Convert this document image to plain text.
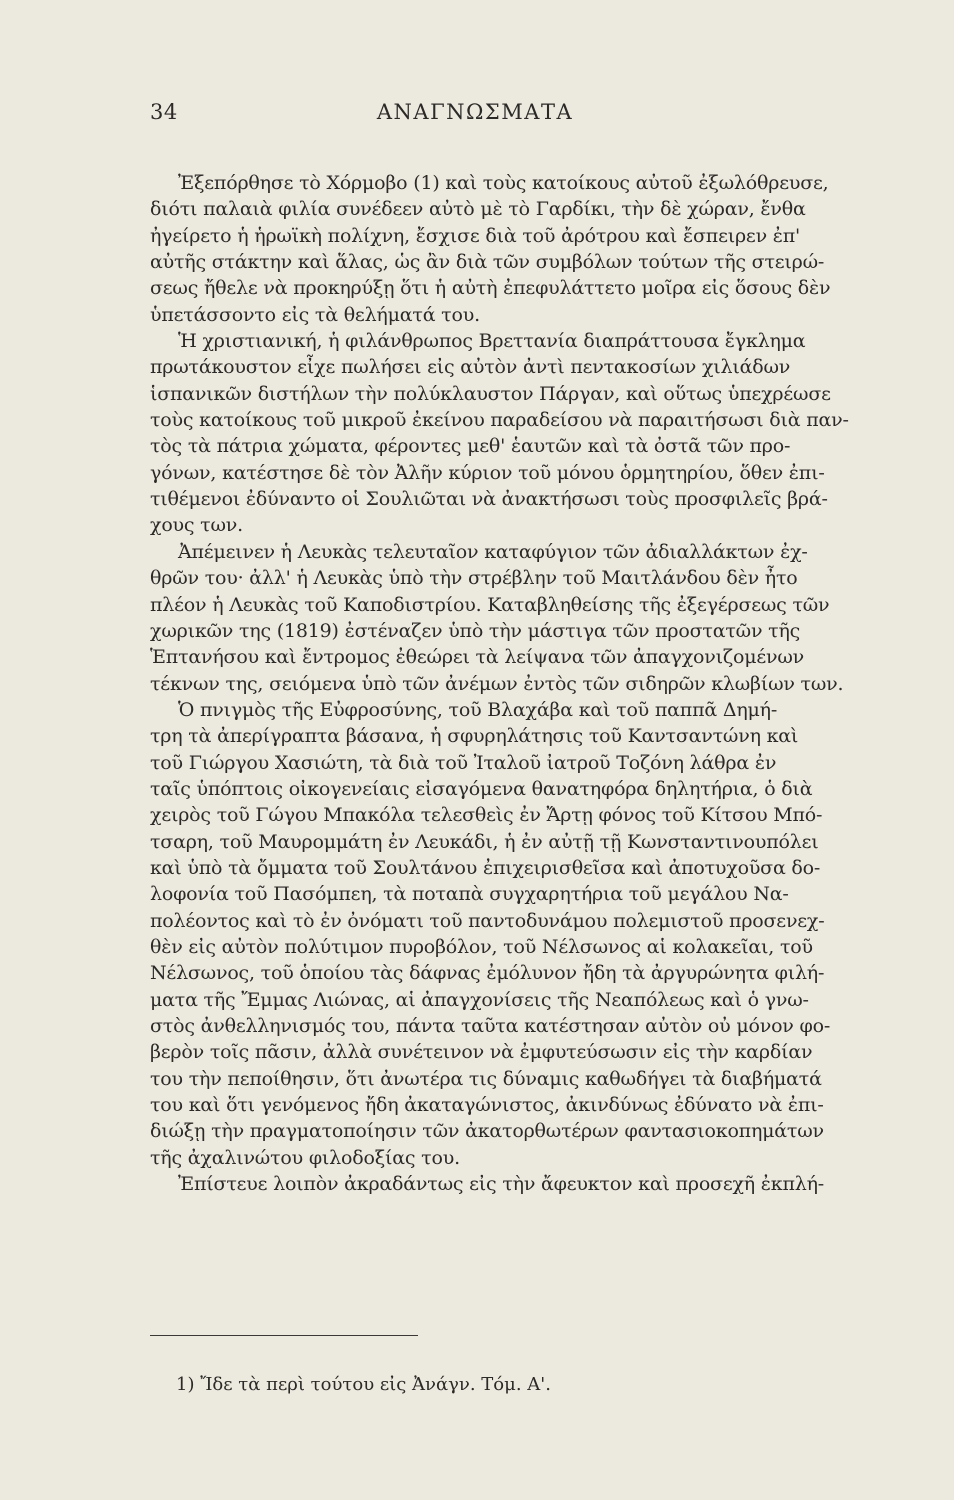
34	ΑΝΑΓΝΩΣΜΑΤΑ
Ἐξεπόρθησε τὸ Χόρμοβο (1) καὶ τοὺς κατοίκους αὐτοῦ ἐξωλόθρευσε,
διότι παλαιὰ φιλία συνέδεεν αὐτὸ μὲ τὸ Γαρδίκι, τὴν δὲ χώραν, ἔνθα
ἠγείρετο ἡ ἡρωϊκὴ πολίχνη, ἔσχισε διὰ τοῦ ἀρότρου καὶ ἔσπειρεν ἐπ'
αὐτῆς στάκτην καὶ ἅλας, ὡς ἂν διὰ τῶν συμβόλων τούτων τῆς στειρώ-
σεως ἤθελε νὰ προκηρύξῃ ὅτι ἡ αὐτὴ ἐπεφυλάττετο μοῖρα εἰς ὅσους δὲν
ὑπετάσσοντο εἰς τὰ θελήματά του.
Ἡ χριστιανική, ἡ φιλάνθρωπος Βρεττανία διαπράττουσα ἔγκλημα
πρωτάκουστον εἶχε πωλήσει εἰς αὐτὸν ἀντὶ πεντακοσίων χιλιάδων
ἱσπανικῶν διστήλων τὴν πολύκλαυστον Πάργαν, καὶ οὕτως ὑπεχρέωσε
τοὺς κατοίκους τοῦ μικροῦ ἐκείνου παραδείσου νὰ παραιτήσωσι διὰ παν-
τὸς τὰ πάτρια χώματα, φέροντες μεθ' ἑαυτῶν καὶ τὰ ὀστᾶ τῶν προ-
γόνων, κατέστησε δὲ τὸν Ἀλῆν κύριον τοῦ μόνου ὁρμητηρίου, ὅθεν ἐπι-
τιθέμενοι ἐδύναντο οἱ Σουλιῶται νὰ ἀνακτήσωσι τοὺς προσφιλεῖς βρά-
χους των.
Ἀπέμεινεν ἡ Λευκὰς τελευταῖον καταφύγιον τῶν ἀδιαλλάκτων ἐχ-
θρῶν του· ἀλλ' ἡ Λευκὰς ὑπὸ τὴν στρέβλην τοῦ Μαιτλάνδου δὲν ἦτο
πλέον ἡ Λευκὰς τοῦ Καποδιστρίου. Καταβληθείσης τῆς ἐξεγέρσεως τῶν
χωρικῶν της (1819) ἐστέναζεν ὑπὸ τὴν μάστιγα τῶν προστατῶν τῆς
Ἑπτανήσου καὶ ἔντρομος ἐθεώρει τὰ λείψανα τῶν ἀπαγχονιζομένων
τέκνων της, σειόμενα ὑπὸ τῶν ἀνέμων ἐντὸς τῶν σιδηρῶν κλωβίων των.
Ὁ πνιγμὸς τῆς Εὐφροσύνης, τοῦ Βλαχάβα καὶ τοῦ παππᾶ Δημή-
τρη τὰ ἀπερίγραπτα βάσανα, ἡ σφυρηλάτησις τοῦ Καντσαντώνη καὶ
τοῦ Γιώργου Χασιώτη, τὰ διὰ τοῦ Ἰταλοῦ ἰατροῦ Τοζόνη λάθρα ἐν
ταῖς ὑπόπτοις οἰκογενείαις εἰσαγόμενα θανατηφόρα δηλητήρια, ὁ διὰ
χειρὸς τοῦ Γώγου Μπακόλα τελεσθεὶς ἐν Ἄρτῃ φόνος τοῦ Κίτσου Μπό-
τσαρη, τοῦ Μαυρομμάτη ἐν Λευκάδι, ἡ ἐν αὐτῇ τῇ Κωνσταντινουπόλει
καὶ ὑπὸ τὰ ὄμματα τοῦ Σουλτάνου ἐπιχειρισθεῖσα καὶ ἀποτυχοῦσα δο-
λοφονία τοῦ Πασόμπεη, τὰ ποταπὰ συγχαρητήρια τοῦ μεγάλου Να-
πολέοντος καὶ τὸ ἐν ὀνόματι τοῦ παντοδυνάμου πολεμιστοῦ προσενεχ-
θὲν εἰς αὐτὸν πολύτιμον πυροβόλον, τοῦ Νέλσωνος αἱ κολακεῖαι, τοῦ
Νέλσωνος, τοῦ ὁποίου τὰς δάφνας ἐμόλυνον ἤδη τὰ ἀργυρώνητα φιλή-
ματα τῆς Ἔμμας Λιώνας, αἱ ἀπαγχονίσεις τῆς Νεαπόλεως καὶ ὁ γνω-
στὸς ἀνθελληνισμός του, πάντα ταῦτα κατέστησαν αὐτὸν οὐ μόνον φο-
βερὸν τοῖς πᾶσιν, ἀλλὰ συνέτεινον νὰ ἐμφυτεύσωσιν εἰς τὴν καρδίαν
του τὴν πεποίθησιν, ὅτι ἀνωτέρα τις δύναμις καθωδήγει τὰ διαβήματά
του καὶ ὅτι γενόμενος ἤδη ἀκαταγώνιστος, ἀκινδύνως ἐδύνατο νὰ ἐπι-
διώξῃ τὴν πραγματοποίησιν τῶν ἀκατορθωτέρων φαντασιοκοπημάτων
τῆς ἀχαλινώτου φιλοδοξίας του.
Ἐπίστευε λοιπὸν ἀκραδάντως εἰς τὴν ἄφευκτον καὶ προσεχῆ ἐκπλή-
1) Ἴδε τὰ περὶ τούτου εἰς Ἀνάγν. Τόμ. Α'.
